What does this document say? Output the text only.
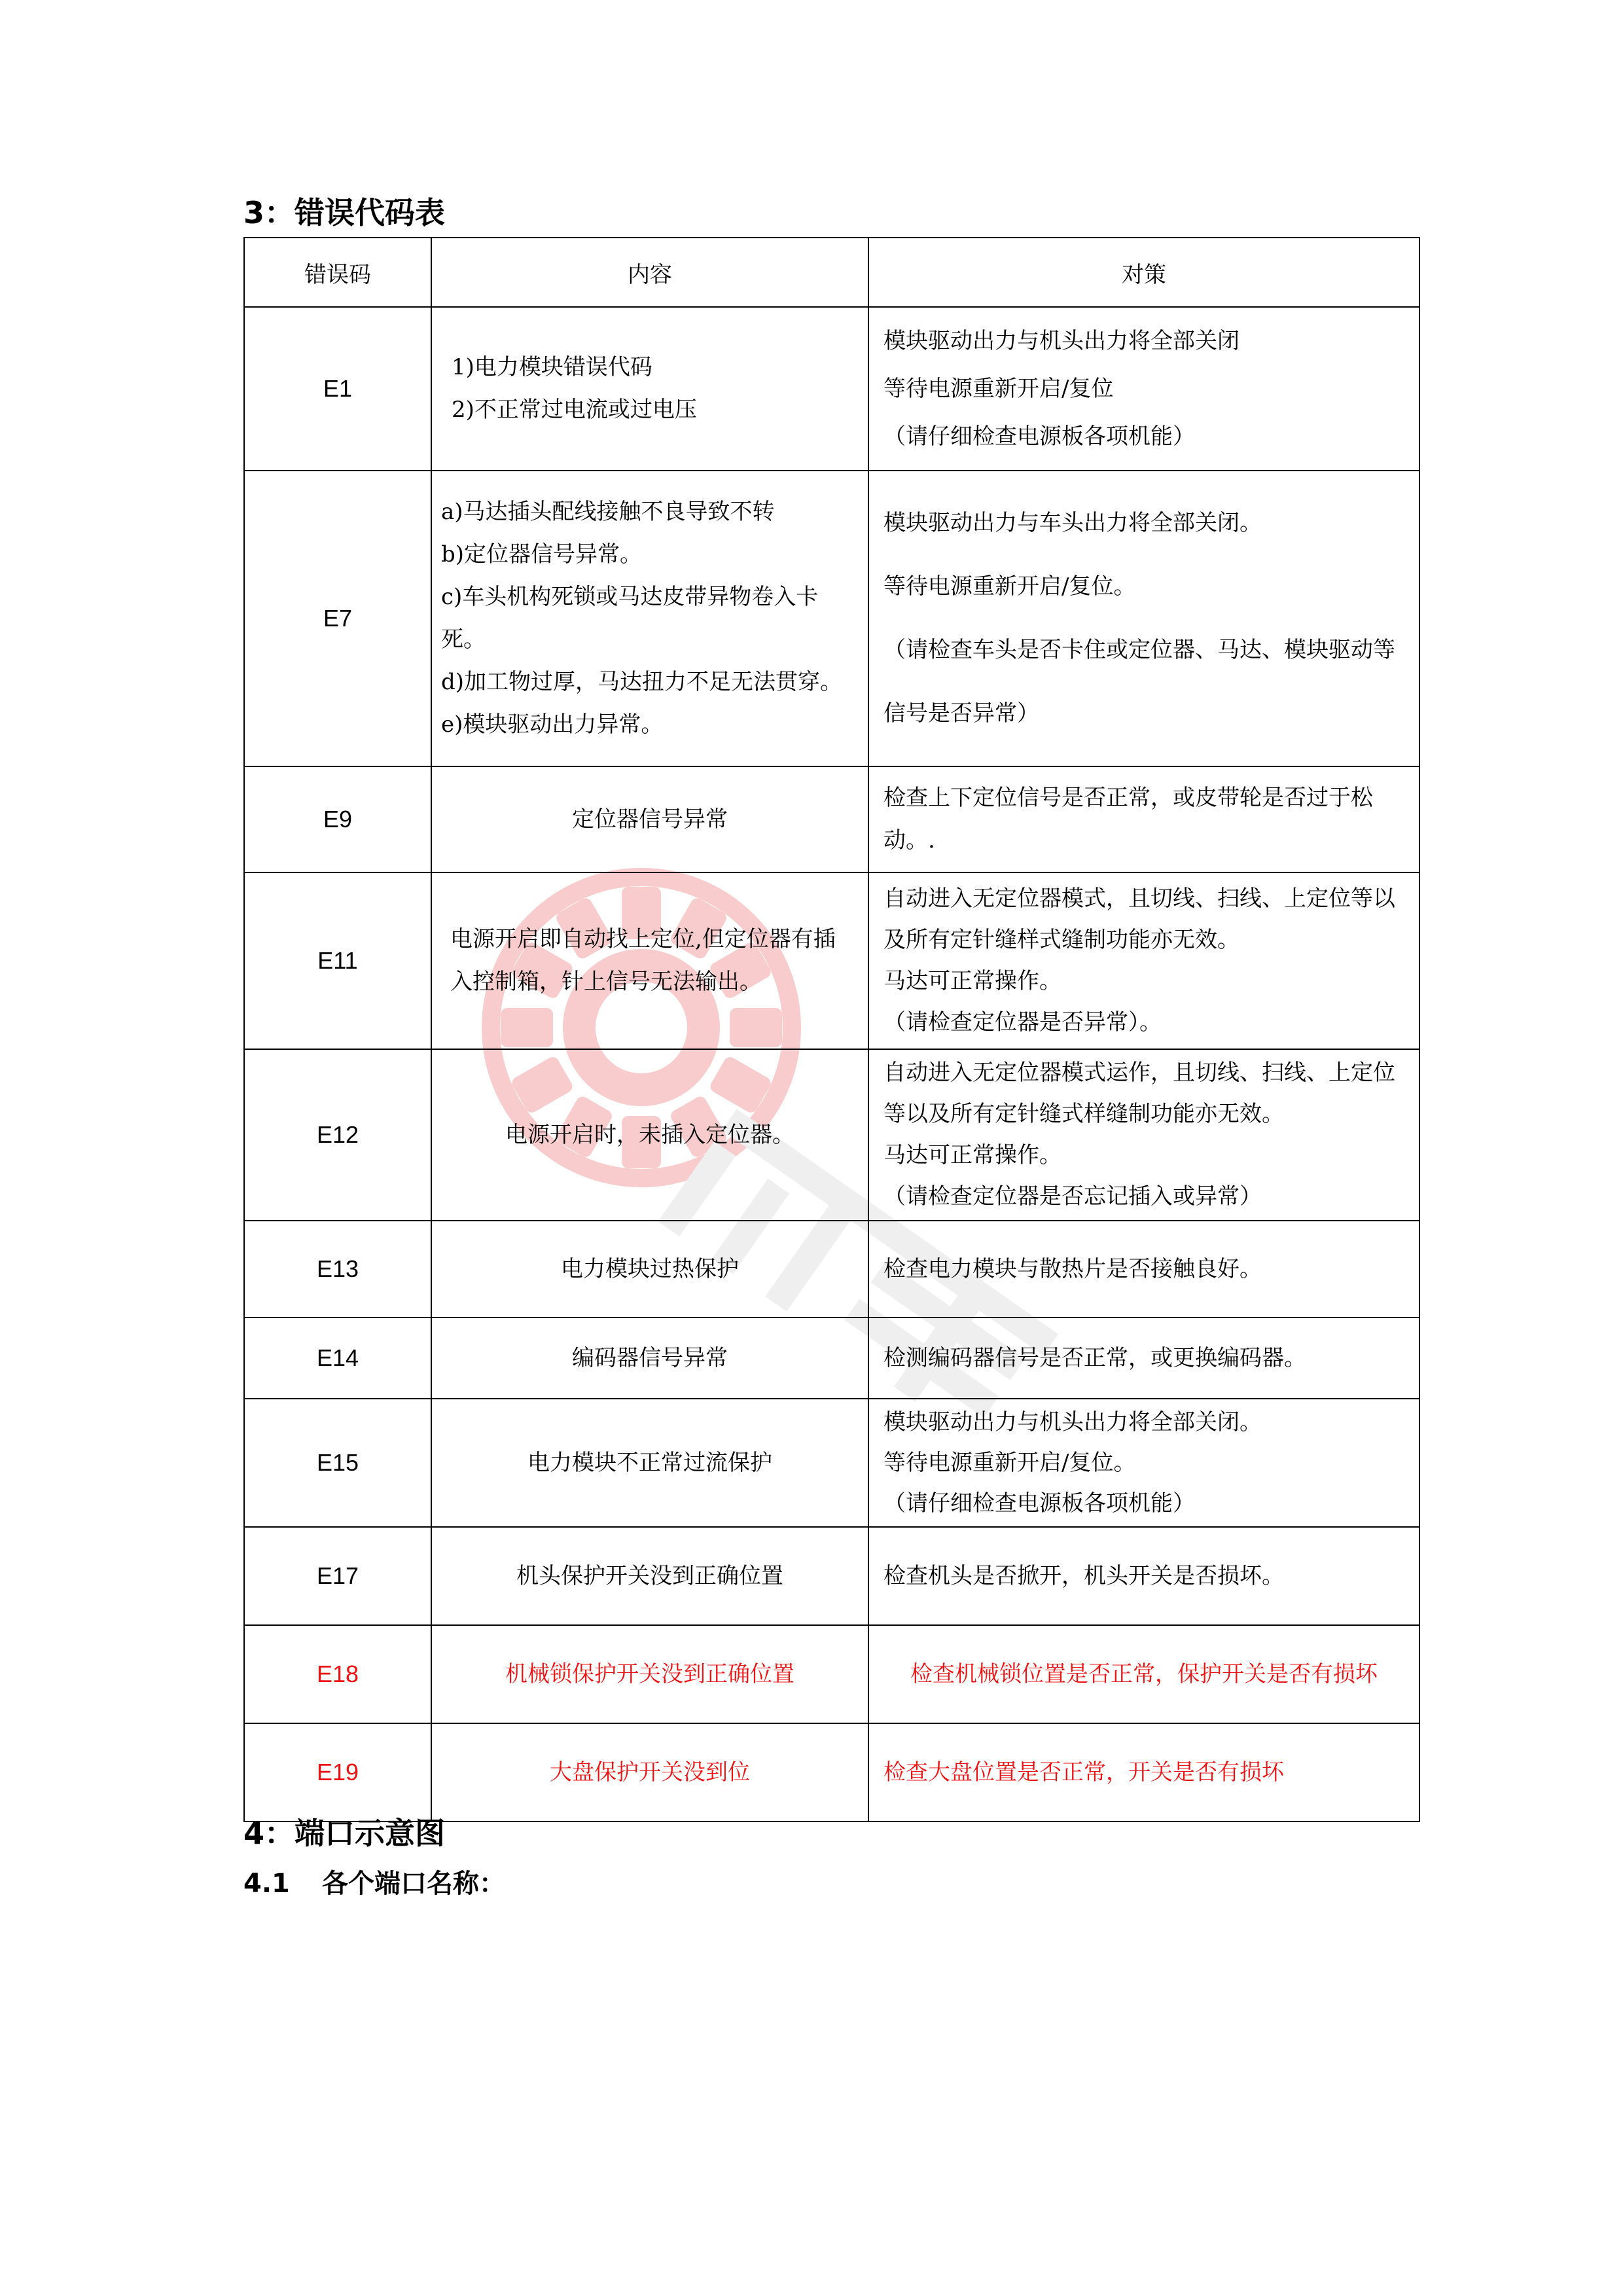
3：错误代码表
错误码	内容	对策
E1	1)电力模块错误代码
2)不正常过电流或过电压	模块驱动出力与机头出力将全部关闭
等待电源重新开启/复位
（请仔细检查电源板各项机能）

E7	a)马达插头配线接触不良导致不转
b)定位器信号异常。
c)车头机构死锁或马达皮带异物卷入卡死。
d)加工物过厚，马达扭力不足无法贯穿。
e)模块驱动出力异常。	模块驱动出力与车头出力将全部关闭。
等待电源重新开启/复位。
（请检查车头是否卡住或定位器、马达、模块驱动等信号是否异常）

E9	定位器信号异常	检查上下定位信号是否正常，或皮带轮是否过于松动。.
E11	电源开启即自动找上定位,但定位器有插入控制箱，针上信号无法输出。	自动进入无定位器模式，且切线、扫线、上定位等以及所有定针缝样式缝制功能亦无效。
马达可正常操作。
（请检查定位器是否异常）。

E12	电源开启时，未插入定位器。	自动进入无定位器模式运作，且切线、扫线、上定位等以及所有定针缝式样缝制功能亦无效。
马达可正常操作。
（请检查定位器是否忘记插入或异常）

E13	电力模块过热保护	检查电力模块与散热片是否接触良好。
E14	编码器信号异常	检测编码器信号是否正常，或更换编码器。
E15	电力模块不正常过流保护	模块驱动出力与机头出力将全部关闭。
等待电源重新开启/复位。
（请仔细检查电源板各项机能）

E17	机头保护开关没到正确位置	检查机头是否掀开，机头开关是否损坏。
E18	机械锁保护开关没到正确位置	检查机械锁位置是否正常，保护开关是否有损坏
E19	大盘保护开关没到位	检查大盘位置是否正常，开关是否有损坏
4：端口示意图
4.1 各个端口名称：
